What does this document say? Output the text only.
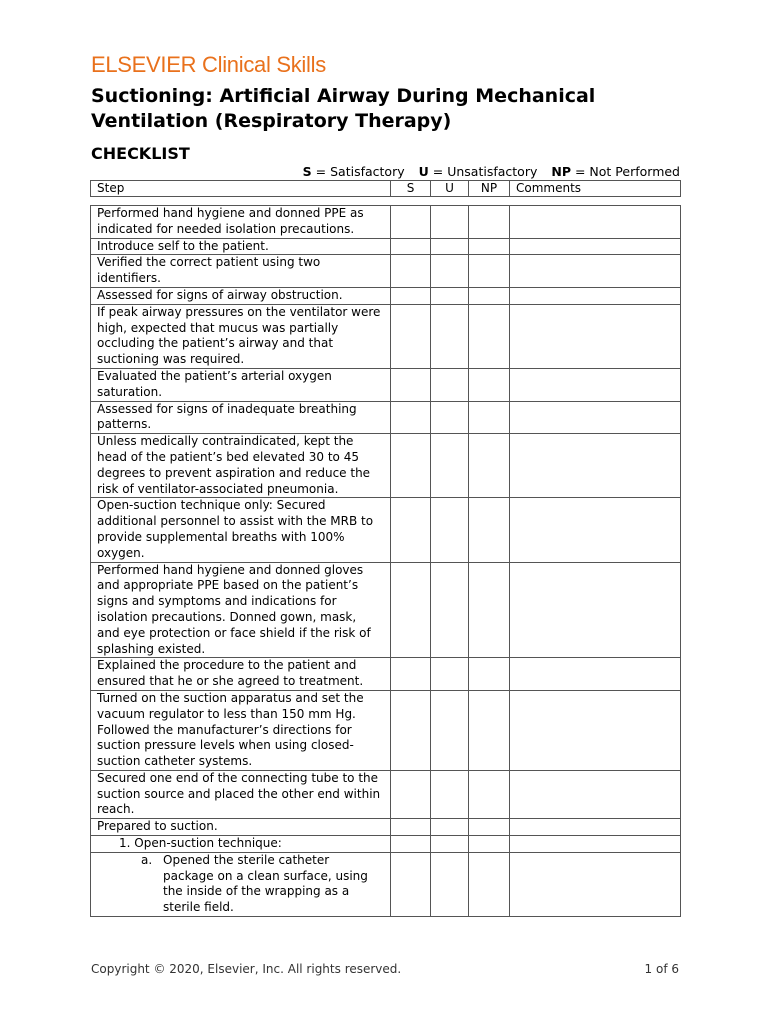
ELSEVIER Clinical Skills
Suctioning: Artificial Airway During Mechanical Ventilation (Respiratory Therapy)
CHECKLIST
S = Satisfactory U = Unsatisfactory NP = Not Performed
Step	S	U	NP	Comments
Performed hand hygiene and donned PPE as indicated for needed isolation precautions.				
Introduce self to the patient.				
Verified the correct patient using two identifiers.				
Assessed for signs of airway obstruction.				
If peak airway pressures on the ventilator were high, expected that mucus was partially occluding the patient’s airway and that suctioning was required.				
Evaluated the patient’s arterial oxygen saturation.				
Assessed for signs of inadequate breathing patterns.				
Unless medically contraindicated, kept the head of the patient’s bed elevated 30 to 45 degrees to prevent aspiration and reduce the risk of ventilator-associated pneumonia.				
Open-suction technique only: Secured additional personnel to assist with the MRB to provide supplemental breaths with 100% oxygen.				
Performed hand hygiene and donned gloves and appropriate PPE based on the patient’s signs and symptoms and indications for isolation precautions. Donned gown, mask, and eye protection or face shield if the risk of splashing existed.				
Explained the procedure to the patient and ensured that he or she agreed to treatment.				
Turned on the suction apparatus and set the vacuum regulator to less than 150 mm Hg. Followed the manufacturer’s directions for suction pressure levels when using closed-suction catheter systems.				
Secured one end of the connecting tube to the suction source and placed the other end within reach.				
Prepared to suction.				

1. Open-suction technique:				

a. Opened the sterile catheter package on a clean surface, using the inside of the wrapping as a sterile field.				

Copyright © 2020, Elsevier, Inc. All rights reserved.	1 of 6
